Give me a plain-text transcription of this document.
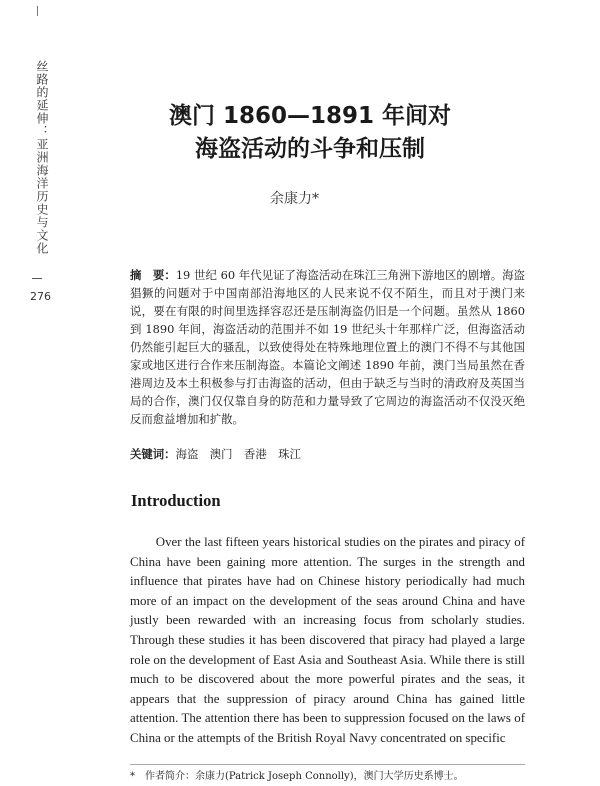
丝路的延伸：亚洲海洋历史与文化
276
澳门 1860—1891 年间对
海盗活动的斗争和压制
余康力*
摘　要：19 世纪 60 年代见证了海盗活动在珠江三角洲下游地区的剧增。海盗猖獗的问题对于中国南部沿海地区的人民来说不仅不陌生，而且对于澳门来说，要在有限的时间里选择容忍还是压制海盗仍旧是一个问题。虽然从 1860 到 1890 年间，海盗活动的范围并不如 19 世纪头十年那样广泛，但海盗活动仍然能引起巨大的骚乱，以致使得处在特殊地理位置上的澳门不得不与其他国家或地区进行合作来压制海盗。本篇论文阐述 1890 年前，澳门当局虽然在香港周边及本土积极参与打击海盗的活动，但由于缺乏与当时的清政府及英国当局的合作，澳门仅仅靠自身的防范和力量导致了它周边的海盗活动不仅没灭绝反而愈益增加和扩散。
关键词：海盗　澳门　香港　珠江
Introduction

Over the last fifteen years historical studies on the pirates and piracy of China have been gaining more attention. The surges in the strength and influence that pirates have had on Chinese history periodically had much more of an impact on the development of the seas around China and have justly been rewarded with an increasing focus from scholarly studies. Through these studies it has been discovered that piracy had played a large role on the development of East Asia and Southeast Asia. While there is still much to be discovered about the more powerful pirates and the seas, it appears that the suppression of piracy around China has gained little attention. The attention there has been to suppression focused on the laws of China or the attempts of the British Royal Navy concentrated on specific

*　作者简介：余康力(Patrick Joseph Connolly)，澳门大学历史系博士。
